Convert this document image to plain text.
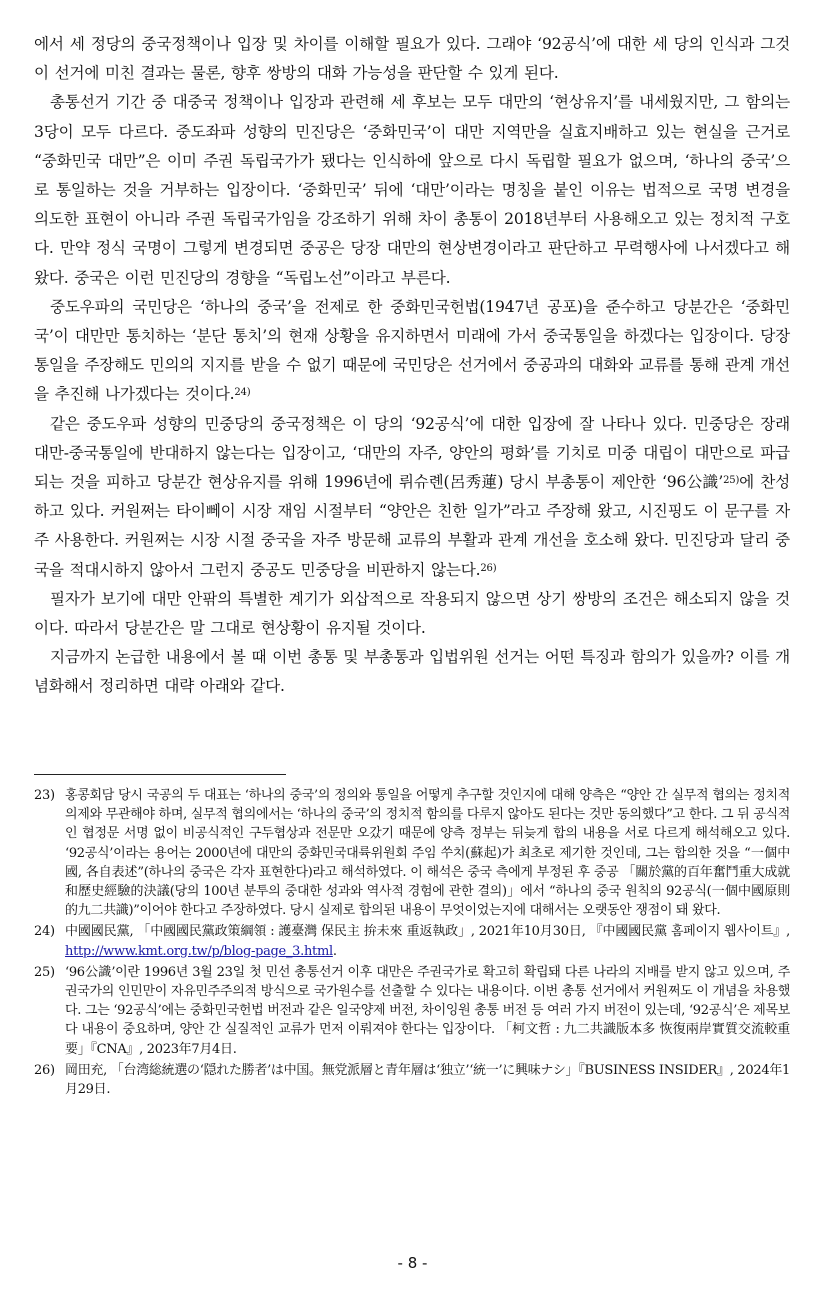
에서 세 정당의 중국정책이나 입장 및 차이를 이해할 필요가 있다. 그래야 ‘92공식’에 대한 세 당의 인식과 그것이 선거에 미친 결과는 물론, 향후 쌍방의 대화 가능성을 판단할 수 있게 된다.

총통선거 기간 중 대중국 정책이나 입장과 관련해 세 후보는 모두 대만의 ‘현상유지’를 내세웠지만, 그 함의는 3당이 모두 다르다. 중도좌파 성향의 민진당은 ‘중화민국’이 대만 지역만을 실효지배하고 있는 현실을 근거로 “중화민국 대만”은 이미 주권 독립국가가 됐다는 인식하에 앞으로 다시 독립할 필요가 없으며, ‘하나의 중국’으로 통일하는 것을 거부하는 입장이다. ‘중화민국’ 뒤에 ‘대만’이라는 명칭을 붙인 이유는 법적으로 국명 변경을 의도한 표현이 아니라 주권 독립국가임을 강조하기 위해 차이 총통이 2018년부터 사용해오고 있는 정치적 구호다. 만약 정식 국명이 그렇게 변경되면 중공은 당장 대만의 현상변경이라고 판단하고 무력행사에 나서겠다고 해왔다. 중국은 이런 민진당의 경향을 “독립노선”이라고 부른다.

중도우파의 국민당은 ‘하나의 중국’을 전제로 한 중화민국헌법(1947년 공포)을 준수하고 당분간은 ‘중화민국’이 대만만 통치하는 ‘분단 통치’의 현재 상황을 유지하면서 미래에 가서 중국통일을 하겠다는 입장이다. 당장 통일을 주장해도 민의의 지지를 받을 수 없기 때문에 국민당은 선거에서 중공과의 대화와 교류를 통해 관계 개선을 추진해 나가겠다는 것이다.$^{24)}$

같은 중도우파 성향의 민중당의 중국정책은 이 당의 ‘92공식’에 대한 입장에 잘 나타나 있다. 민중당은 장래 대만-중국통일에 반대하지 않는다는 입장이고, ‘대만의 자주, 양안의 평화’를 기치로 미중 대립이 대만으로 파급되는 것을 피하고 당분간 현상유지를 위해 1996년에 뤼슈롄(呂秀蓮) 당시 부총통이 제안한 ‘96公識’$^{25)}$에 찬성하고 있다. 커원쩌는 타이뻬이 시장 재임 시절부터 “양안은 친한 일가”라고 주장해 왔고, 시진핑도 이 문구를 자주 사용한다. 커원쩌는 시장 시절 중국을 자주 방문해 교류의 부활과 관계 개선을 호소해 왔다. 민진당과 달리 중국을 적대시하지 않아서 그런지 중공도 민중당을 비판하지 않는다.$^{26)}$

필자가 보기에 대만 안팎의 특별한 계기가 외삽적으로 작용되지 않으면 상기 쌍방의 조건은 해소되지 않을 것이다. 따라서 당분간은 말 그대로 현상황이 유지될 것이다.

지금까지 논급한 내용에서 볼 때 이번 총통 및 부총통과 입법위원 선거는 어떤 특징과 함의가 있을까? 이를 개념화해서 정리하면 대략 아래와 같다.

23) 홍콩회담 당시 국공의 두 대표는 ‘하나의 중국’의 정의와 통일을 어떻게 추구할 것인지에 대해 양측은 “양안 간 실무적 협의는 정치적 의제와 무관해야 하며, 실무적 협의에서는 ‘하나의 중국’의 정치적 함의를 다루지 않아도 된다는 것만 동의했다”고 한다. 그 뒤 공식적인 협정문 서명 없이 비공식적인 구두협상과 전문만 오갔기 때문에 양측 정부는 뒤늦게 합의 내용을 서로 다르게 해석해오고 있다. ‘92공식’이라는 용어는 2000년에 대만의 중화민국대륙위원회 주임 쑤치(蘇起)가 최초로 제기한 것인데, 그는 합의한 것을 “一個中國, 各自表述”(하나의 중국은 각자 표현한다)라고 해석하였다. 이 해석은 중국 측에게 부정된 후 중공 「關於黨的百年奮鬥重大成就和歷史經驗的決議(당의 100년 분투의 중대한 성과와 역사적 경험에 관한 결의)」에서 “하나의 중국 원칙의 92공식(一個中國原則的九二共識)”이어야 한다고 주장하였다. 당시 실제로 합의된 내용이 무엇이었는지에 대해서는 오랫동안 쟁점이 돼 왔다.
24) 中國國民黨, 「中國國民黨政策綱領 : 護臺灣 保民主 拚未來 重返執政」, 2021年10月30日, 『中國國民黨 홈페이지 웹사이트』, http://www.kmt.org.tw/p/blog-page_3.html.
25) ‘96公識’이란 1996년 3월 23일 첫 민선 총통선거 이후 대만은 주권국가로 확고히 확립돼 다른 나라의 지배를 받지 않고 있으며, 주권국가의 인민만이 자유민주주의적 방식으로 국가원수를 선출할 수 있다는 내용이다. 이번 총통 선거에서 커원쩌도 이 개념을 차용했다. 그는 ‘92공식’에는 중화민국헌법 버전과 같은 일국양제 버전, 차이잉원 총통 버전 등 여러 가지 버전이 있는데, ‘92공식’은 제목보다 내용이 중요하며, 양안 간 실질적인 교류가 먼저 이뤄져야 한다는 입장이다. 「柯文哲 : 九二共識版本多 恢復兩岸實質交流較重要」『CNA』, 2023年7月4日.
26) 岡田充, 「台湾総統選の‘隠れた勝者’は中国。無党派層と青年層は‘独立’‘統一’に興味ナシ」『BUSINESS INSIDER』, 2024年1月29日.
- 8 -
